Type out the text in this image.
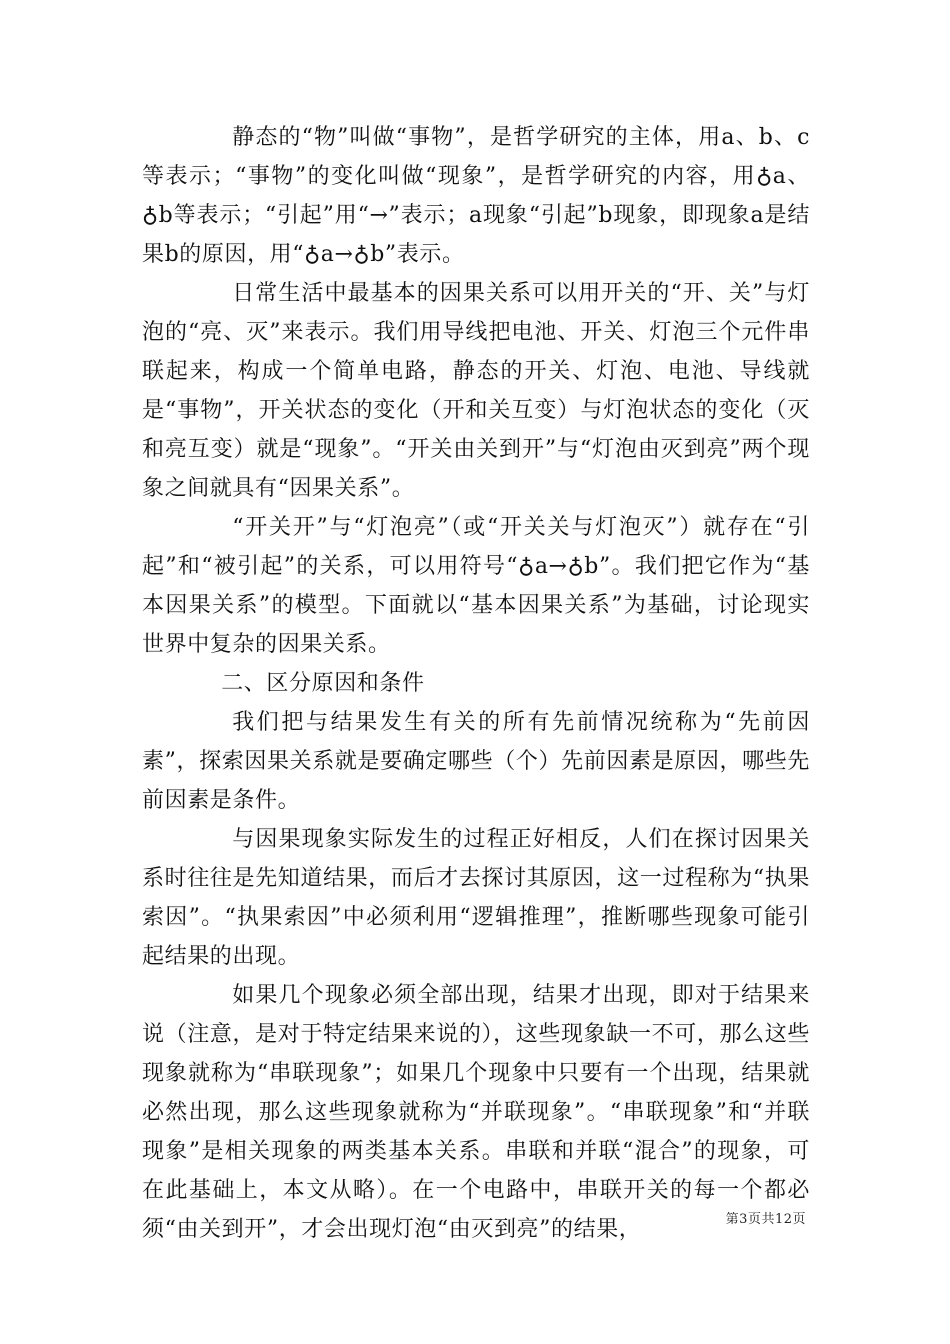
静态的“物”叫做“事物”，是哲学研究的主体，用a、b、c等表示；“事物”的变化叫做“现象”，是哲学研究的内容，用♁a、♁b等表示；“引起”用“→”表示；a现象“引起”b现象，即现象a是结果b的原因，用“♁a→♁b”表示。

日常生活中最基本的因果关系可以用开关的“开、关”与灯泡的“亮、灭”来表示。我们用导线把电池、开关、灯泡三个元件串联起来，构成一个简单电路，静态的开关、灯泡、电池、导线就是“事物”，开关状态的变化（开和关互变）与灯泡状态的变化（灭和亮互变）就是“现象”。“开关由关到开”与“灯泡由灭到亮”两个现象之间就具有“因果关系”。

“开关开”与“灯泡亮”（或“开关关与灯泡灭”）就存在“引起”和“被引起”的关系，可以用符号“♁a→♁b”。我们把它作为“基本因果关系”的模型。下面就以“基本因果关系”为基础，讨论现实世界中复杂的因果关系。

二、区分原因和条件

我们把与结果发生有关的所有先前情况统称为“先前因素”，探索因果关系就是要确定哪些（个）先前因素是原因，哪些先前因素是条件。

与因果现象实际发生的过程正好相反，人们在探讨因果关系时往往是先知道结果，而后才去探讨其原因，这一过程称为“执果索因”。“执果索因”中必须利用“逻辑推理”，推断哪些现象可能引起结果的出现。

如果几个现象必须全部出现，结果才出现，即对于结果来说（注意，是对于特定结果来说的），这些现象缺一不可，那么这些现象就称为“串联现象”；如果几个现象中只要有一个出现，结果就必然出现，那么这些现象就称为“并联现象”。“串联现象”和“并联现象”是相关现象的两类基本关系。串联和并联“混合”的现象，可在此基础上，本文从略）。在一个电路中，串联开关的每一个都必须“由关到开”，才会出现灯泡“由灭到亮”的结果，	第3页共12页
